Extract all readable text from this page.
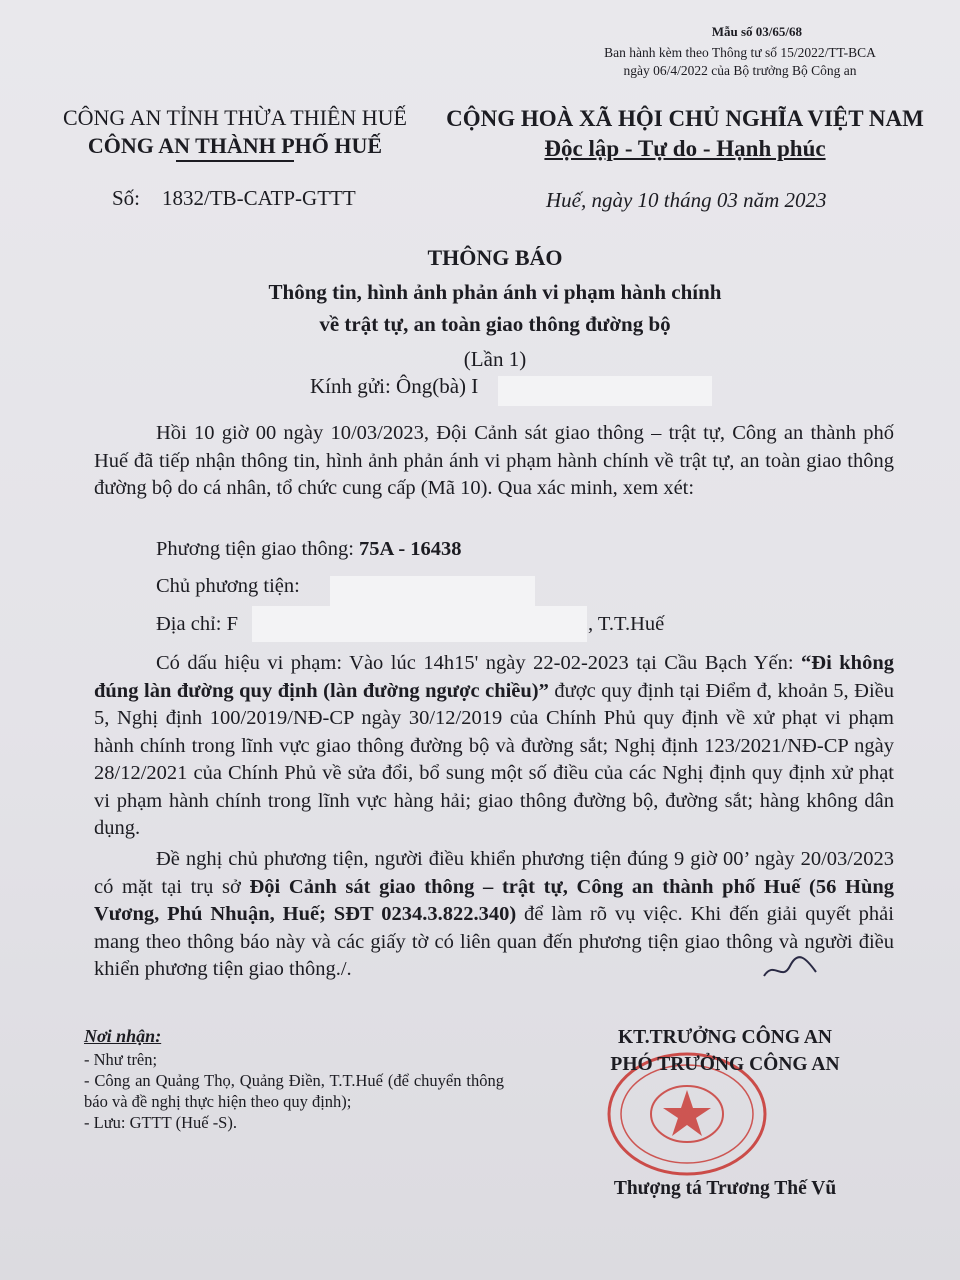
Mẫu số 03/65/68
Ban hành kèm theo Thông tư số 15/2022/TT-BCA
ngày 06/4/2022 của Bộ trưởng Bộ Công an
CÔNG AN TỈNH THỪA THIÊN HUẾ
CÔNG AN THÀNH PHỐ HUẾ
CỘNG HOÀ XÃ HỘI CHỦ NGHĨA VIỆT NAM
Độc lập - Tự do - Hạnh phúc
Số: 1832/TB-CATP-GTTT	Huế, ngày 10 tháng 03 năm 2023
THÔNG BÁO
Thông tin, hình ảnh phản ánh vi phạm hành chính
về trật tự, an toàn giao thông đường bộ
(Lần 1)
Kính gửi: Ông(bà) I
Hồi 10 giờ 00 ngày 10/03/2023, Đội Cảnh sát giao thông – trật tự, Công an thành phố Huế đã tiếp nhận thông tin, hình ảnh phản ánh vi phạm hành chính về trật tự, an toàn giao thông đường bộ do cá nhân, tổ chức cung cấp (Mã 10). Qua xác minh, xem xét:
Phương tiện giao thông: 75A - 16438
Chủ phương tiện:
Địa chỉ: F	, T.T.Huế
Có dấu hiệu vi phạm: Vào lúc 14h15' ngày 22-02-2023 tại Cầu Bạch Yến: “Đi không đúng làn đường quy định (làn đường ngược chiều)” được quy định tại Điểm đ, khoản 5, Điều 5, Nghị định 100/2019/NĐ-CP ngày 30/12/2019 của Chính Phủ quy định về xử phạt vi phạm hành chính trong lĩnh vực giao thông đường bộ và đường sắt; Nghị định 123/2021/NĐ-CP ngày 28/12/2021 của Chính Phủ về sửa đổi, bổ sung một số điều của các Nghị định quy định xử phạt vi phạm hành chính trong lĩnh vực hàng hải; giao thông đường bộ, đường sắt; hàng không dân dụng.
Đề nghị chủ phương tiện, người điều khiển phương tiện đúng 9 giờ 00’ ngày 20/03/2023 có mặt tại trụ sở Đội Cảnh sát giao thông – trật tự, Công an thành phố Huế (56 Hùng Vương, Phú Nhuận, Huế; SĐT 0234.3.822.340) để làm rõ vụ việc. Khi đến giải quyết phải mang theo thông báo này và các giấy tờ có liên quan đến phương tiện giao thông và người điều khiển phương tiện giao thông./.
Nơi nhận:
- Như trên;
- Công an Quảng Thọ, Quảng Điền, T.T.Huế (để chuyển thông báo và đề nghị thực hiện theo quy định);
- Lưu: GTTT (Huế -S).
KT.TRƯỞNG CÔNG AN
PHÓ TRƯỞNG CÔNG AN
Thượng tá Trương Thế Vũ
